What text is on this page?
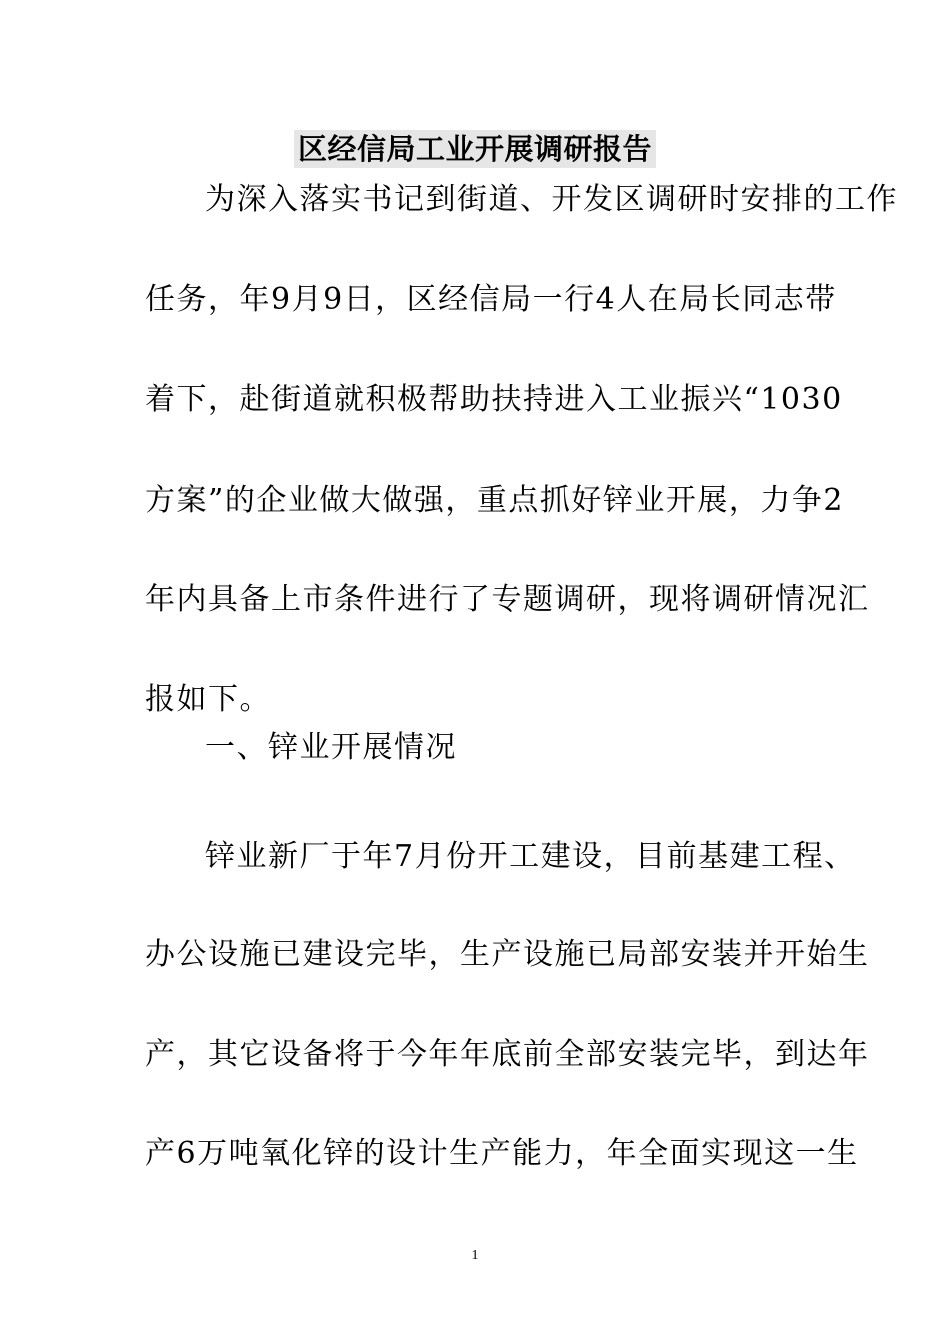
区经信局工业开展调研报告
为深入落实书记到街道、开发区调研时安排的工作
任务，年9月9日，区经信局一行4人在局长同志带
着下，赴街道就积极帮助扶持进入工业振兴“1030
方案”的企业做大做强，重点抓好锌业开展，力争2
年内具备上市条件进行了专题调研，现将调研情况汇
报如下。
一、锌业开展情况
锌业新厂于年7月份开工建设，目前基建工程、
办公设施已建设完毕，生产设施已局部安装并开始生
产，其它设备将于今年年底前全部安装完毕，到达年
产6万吨氧化锌的设计生产能力，年全面实现这一生
1
